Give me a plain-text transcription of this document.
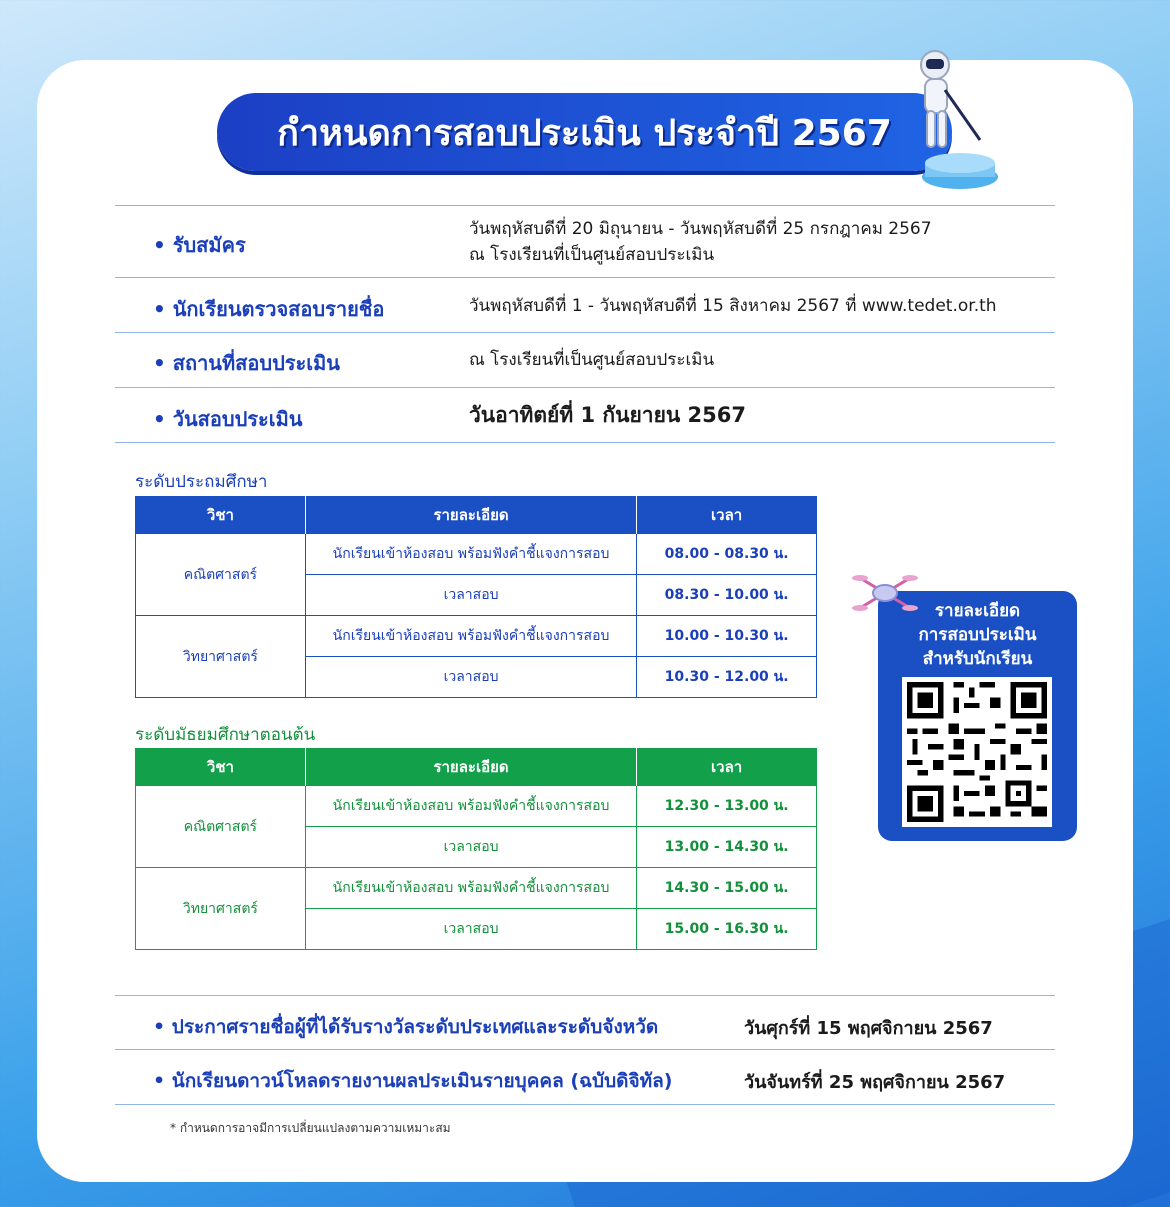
กำหนดการสอบประเมิน ประจำปี 2567
• รับสมัคร
วันพฤหัสบดีที่ 20 มิถุนายน - วันพฤหัสบดีที่ 25 กรกฎาคม 2567
ณ โรงเรียนที่เป็นศูนย์สอบประเมิน
• นักเรียนตรวจสอบรายชื่อ	วันพฤหัสบดีที่ 1 - วันพฤหัสบดีที่ 15 สิงหาคม 2567 ที่ www.tedet.or.th
• สถานที่สอบประเมิน	ณ โรงเรียนที่เป็นศูนย์สอบประเมิน
• วันสอบประเมิน	วันอาทิตย์ที่ 1 กันยายน 2567
ระดับประถมศึกษา
วิชา	รายละเอียด	เวลา
คณิตศาสตร์	นักเรียนเข้าห้องสอบ พร้อมฟังคำชี้แจงการสอบ	08.00 - 08.30 น.
	เวลาสอบ	08.30 - 10.00 น.
วิทยาศาสตร์	นักเรียนเข้าห้องสอบ พร้อมฟังคำชี้แจงการสอบ	10.00 - 10.30 น.
	เวลาสอบ	10.30 - 12.00 น.
ระดับมัธยมศึกษาตอนต้น
วิชา	รายละเอียด	เวลา
คณิตศาสตร์	นักเรียนเข้าห้องสอบ พร้อมฟังคำชี้แจงการสอบ	12.30 - 13.00 น.
	เวลาสอบ	13.00 - 14.30 น.
วิทยาศาสตร์	นักเรียนเข้าห้องสอบ พร้อมฟังคำชี้แจงการสอบ	14.30 - 15.00 น.
	เวลาสอบ	15.00 - 16.30 น.
รายละเอียด
การสอบประเมิน
สำหรับนักเรียน
• ประกาศรายชื่อผู้ที่ได้รับรางวัลระดับประเทศและระดับจังหวัด	วันศุกร์ที่ 15 พฤศจิกายน 2567
• นักเรียนดาวน์โหลดรายงานผลประเมินรายบุคคล (ฉบับดิจิทัล)	วันจันทร์ที่ 25 พฤศจิกายน 2567
* กำหนดการอาจมีการเปลี่ยนแปลงตามความเหมาะสม
